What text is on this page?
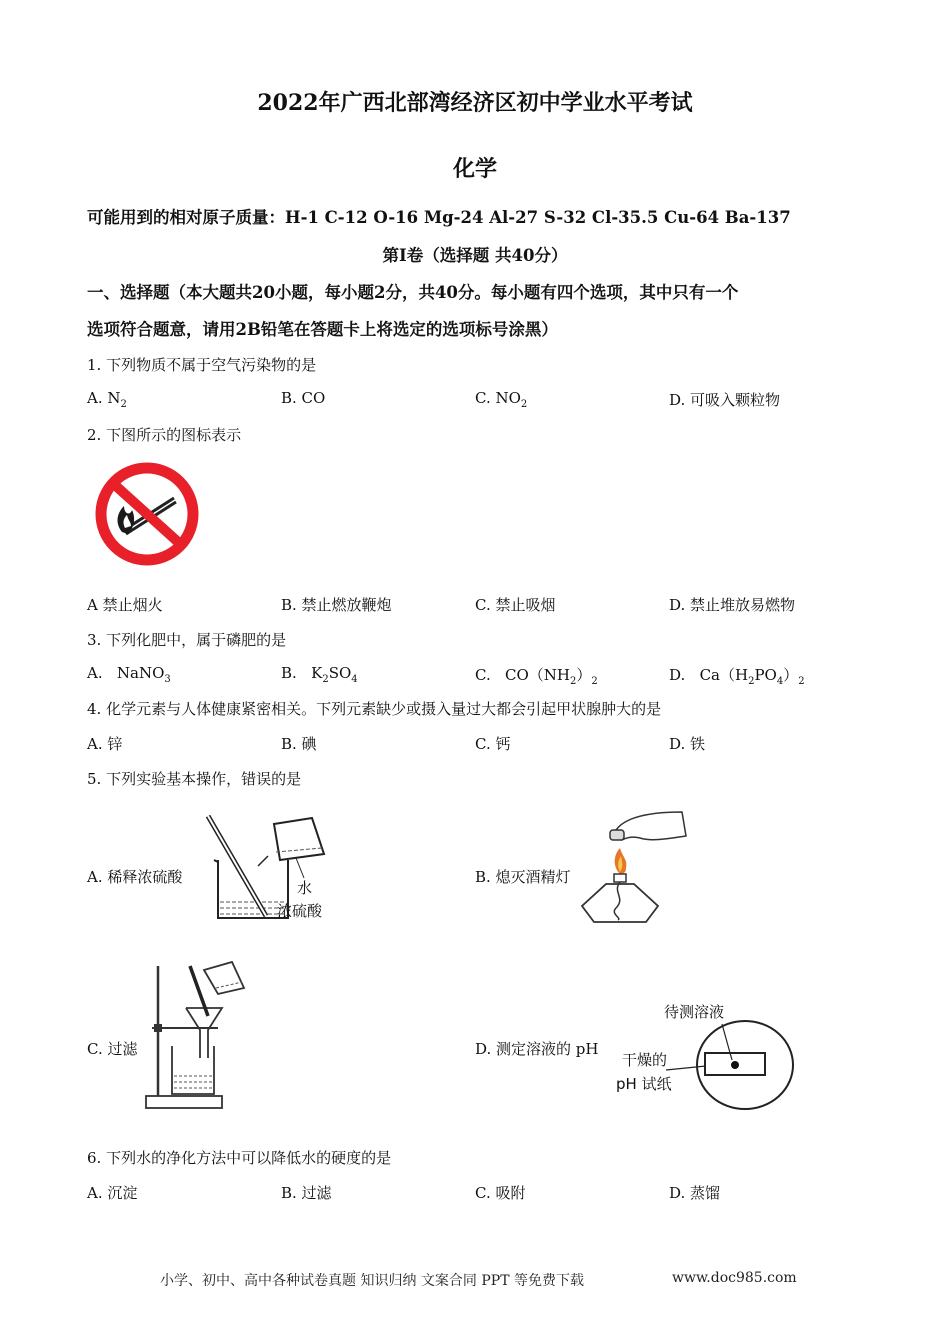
2022年广西北部湾经济区初中学业水平考试
化学
可能用到的相对原子质量：H-1 C-12 O-16 Mg-24 Al-27 S-32 Cl-35.5 Cu-64 Ba-137
第Ⅰ卷（选择题 共40分）
一、选择题（本大题共20小题，每小题2分，共40分。每小题有四个选项，其中只有一个
选项符合题意，请用2B铅笔在答题卡上将选定的选项标号涂黑）
1. 下列物质不属于空气污染物的是
A. $N_2$	B. CO	C. $NO_2$	D. 可吸入颗粒物
2. 下图所示的图标表示
A 禁止烟火	B. 禁止燃放鞭炮	C. 禁止吸烟	D. 禁止堆放易燃物
3. 下列化肥中，属于磷肥的是
A. NaNO$_3$	B. $K_2SO_4$	C. $CO(NH_2)_2$	D. $Ca(H_2PO_4)_2$
4. 化学元素与人体健康紧密相关。下列元素缺少或摄入量过大都会引起甲状腺肿大的是
A. 锌	B. 碘	C. 钙	D. 铁
5. 下列实验基本操作，错误的是
A. 稀释浓硫酸
水
浓硫酸
B. 熄灭酒精灯
C. 过滤	D. 测定溶液的 pH
待测溶液
干燥的
pH 试纸
6. 下列水的净化方法中可以降低水的硬度的是
A. 沉淀	B. 过滤	C. 吸附	D. 蒸馏
小学、初中、高中各种试卷真题 知识归纳 文案合同 PPT 等免费下载	www.doc985.com
